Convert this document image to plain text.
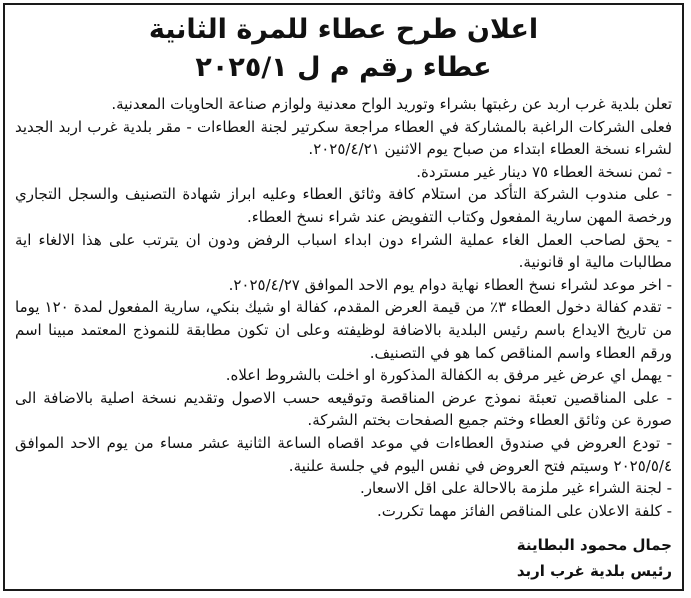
اعلان طرح عطاء للمرة الثانية
عطاء رقم م ل ٢٠٢٥/١

تعلن بلدية غرب اربد عن رغبتها بشراء وتوريد الواح معدنية ولوازم صناعة الحاويات المعدنية.

فعلى الشركات الراغبة بالمشاركة في العطاء مراجعة سكرتير لجنة العطاءات - مقر بلدية غرب اربد الجديد لشراء نسخة العطاء ابتداء من صباح يوم الاثنين ٢٠٢٥/٤/٢١.

- ثمن نسخة العطاء ٧٥ دينار غير مستردة.

- على مندوب الشركة التأكد من استلام كافة وثائق العطاء وعليه ابراز شهادة التصنيف والسجل التجاري ورخصة المهن سارية المفعول وكتاب التفويض عند شراء نسخ العطاء.

- يحق لصاحب العمل الغاء عملية الشراء دون ابداء اسباب الرفض ودون ان يترتب على هذا الالغاء اية مطالبات مالية او قانونية.

- اخر موعد لشراء نسخ العطاء نهاية دوام يوم الاحد الموافق ٢٠٢٥/٤/٢٧.

- تقدم كفالة دخول العطاء ٣٪ من قيمة العرض المقدم، كفالة او شيك بنكي، سارية المفعول لمدة ١٢٠ يوما من تاريخ الايداع باسم رئيس البلدية بالاضافة لوظيفته وعلى ان تكون مطابقة للنموذج المعتمد مبينا اسم ورقم العطاء واسم المناقص كما هو في التصنيف.

- يهمل اي عرض غير مرفق به الكفالة المذكورة او اخلت بالشروط اعلاه.

- على المناقصين تعبئة نموذج عرض المناقصة وتوقيعه حسب الاصول وتقديم نسخة اصلية بالاضافة الى صورة عن وثائق العطاء وختم جميع الصفحات بختم الشركة.

- تودع العروض في صندوق العطاءات في موعد اقصاه الساعة الثانية عشر مساء من يوم الاحد الموافق ٢٠٢٥/٥/٤ وسيتم فتح العروض في نفس اليوم في جلسة علنية.

- لجنة الشراء غير ملزمة بالاحالة على اقل الاسعار.

- كلفة الاعلان على المناقص الفائز مهما تكررت.

جمال محمود البطاينة
رئيس بلدية غرب اربد
